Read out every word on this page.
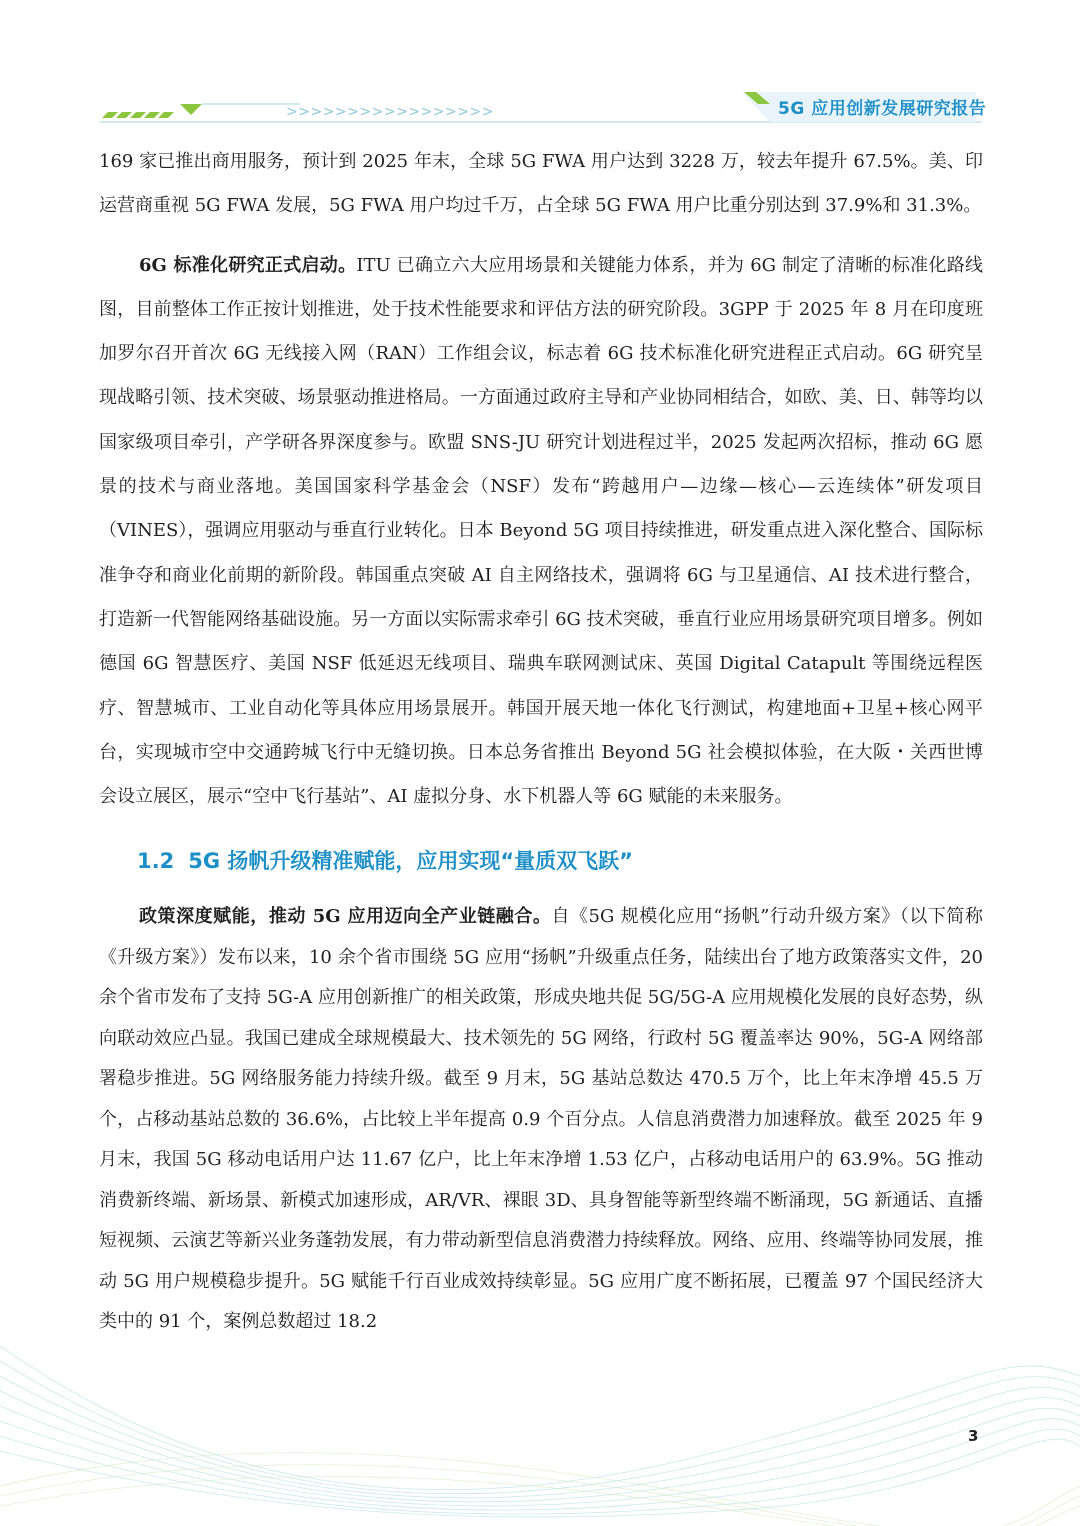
>>>>>>>>>>>>>>>>>	5G 应用创新发展研究报告

169 家已推出商用服务，预计到 2025 年末，全球 5G FWA 用户达到 3228 万，较去年提升 67.5%。美、印运营商重视 5G FWA 发展，5G FWA 用户均过千万，占全球 5G FWA 用户比重分别达到 37.9%和 31.3%。

6G 标准化研究正式启动。ITU 已确立六大应用场景和关键能力体系，并为 6G 制定了清晰的标准化路线图，目前整体工作正按计划推进，处于技术性能要求和评估方法的研究阶段。3GPP 于 2025 年 8 月在印度班加罗尔召开首次 6G 无线接入网（RAN）工作组会议，标志着 6G 技术标准化研究进程正式启动。6G 研究呈现战略引领、技术突破、场景驱动推进格局。一方面通过政府主导和产业协同相结合，如欧、美、日、韩等均以国家级项目牵引，产学研各界深度参与。欧盟 SNS-JU 研究计划进程过半，2025 发起两次招标，推动 6G 愿景的技术与商业落地。美国国家科学基金会（NSF）发布“跨越用户—边缘—核心—云连续体”研发项目（VINES），强调应用驱动与垂直行业转化。日本 Beyond 5G 项目持续推进，研发重点进入深化整合、国际标准争夺和商业化前期的新阶段。韩国重点突破 AI 自主网络技术，强调将 6G 与卫星通信、AI 技术进行整合，打造新一代智能网络基础设施。另一方面以实际需求牵引 6G 技术突破，垂直行业应用场景研究项目增多。例如德国 6G 智慧医疗、美国 NSF 低延迟无线项目、瑞典车联网测试床、英国 Digital Catapult 等围绕远程医疗、智慧城市、工业自动化等具体应用场景展开。韩国开展天地一体化飞行测试，构建地面+卫星+核心网平台，实现城市空中交通跨城飞行中无缝切换。日本总务省推出 Beyond 5G 社会模拟体验，在大阪・关西世博会设立展区，展示“空中飞行基站”、AI 虚拟分身、水下机器人等 6G 赋能的未来服务。

1.2 5G 扬帆升级精准赋能，应用实现“量质双飞跃”

政策深度赋能，推动 5G 应用迈向全产业链融合。自《5G 规模化应用“扬帆”行动升级方案》（以下简称《升级方案》）发布以来，10 余个省市围绕 5G 应用“扬帆”升级重点任务，陆续出台了地方政策落实文件，20 余个省市发布了支持 5G-A 应用创新推广的相关政策，形成央地共促 5G/5G-A 应用规模化发展的良好态势，纵向联动效应凸显。我国已建成全球规模最大、技术领先的 5G 网络，行政村 5G 覆盖率达 90%，5G-A 网络部署稳步推进。5G 网络服务能力持续升级。截至 9 月末，5G 基站总数达 470.5 万个，比上年末净增 45.5 万个，占移动基站总数的 36.6%，占比较上半年提高 0.9 个百分点。人信息消费潜力加速释放。截至 2025 年 9 月末，我国 5G 移动电话用户达 11.67 亿户，比上年末净增 1.53 亿户，占移动电话用户的 63.9%。5G 推动消费新终端、新场景、新模式加速形成，AR/VR、裸眼 3D、具身智能等新型终端不断涌现，5G 新通话、直播短视频、云演艺等新兴业务蓬勃发展，有力带动新型信息消费潜力持续释放。网络、应用、终端等协同发展，推动 5G 用户规模稳步提升。5G 赋能千行百业成效持续彰显。5G 应用广度不断拓展，已覆盖 97 个国民经济大类中的 91 个，案例总数超过 18.2

3
